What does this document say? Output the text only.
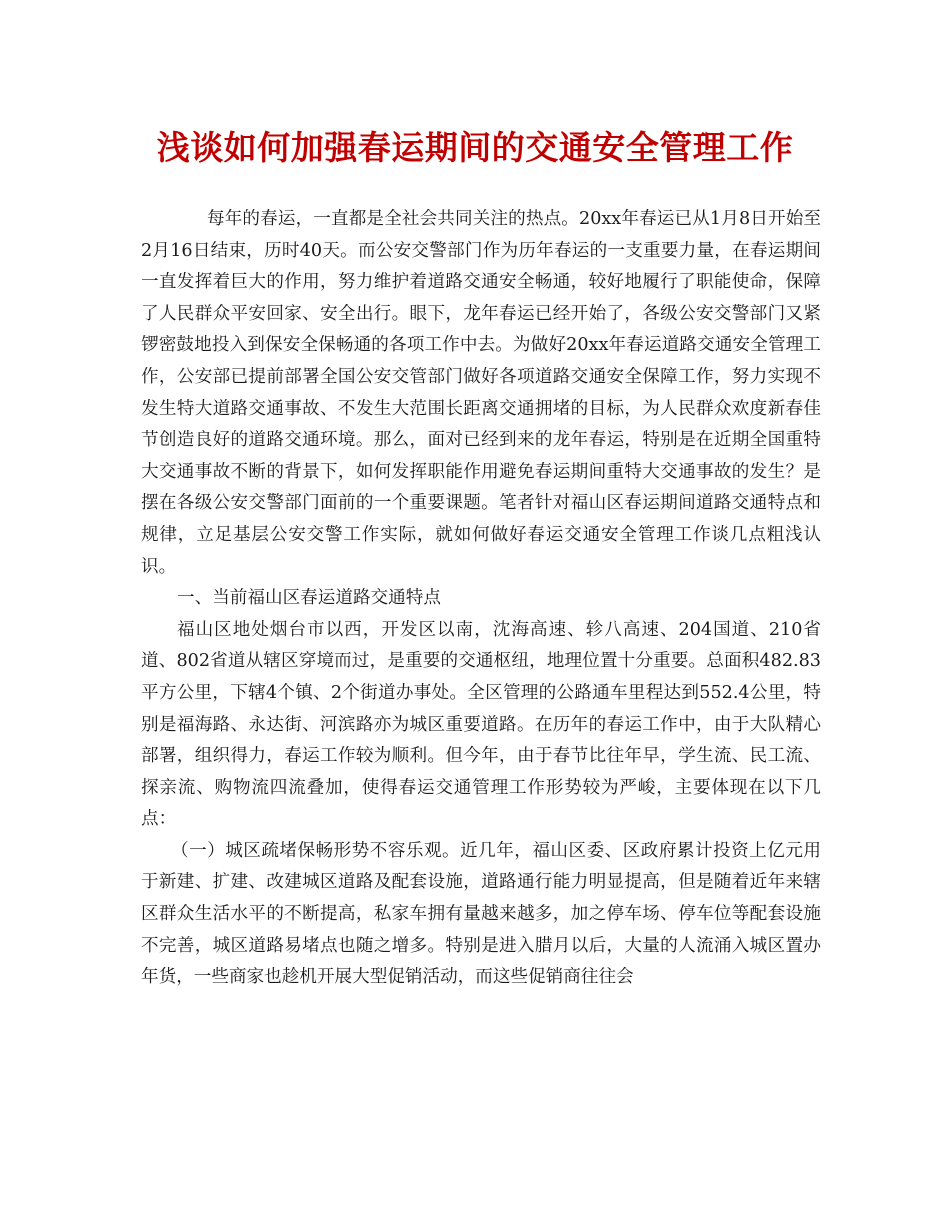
浅谈如何加强春运期间的交通安全管理工作

每年的春运，一直都是全社会共同关注的热点。20xx年春运已从1月8日开始至2月16日结束，历时40天。而公安交警部门作为历年春运的一支重要力量，在春运期间一直发挥着巨大的作用，努力维护着道路交通安全畅通，较好地履行了职能使命，保障了人民群众平安回家、安全出行。眼下，龙年春运已经开始了，各级公安交警部门又紧锣密鼓地投入到保安全保畅通的各项工作中去。为做好20xx年春运道路交通安全管理工作，公安部已提前部署全国公安交管部门做好各项道路交通安全保障工作，努力实现不发生特大道路交通事故、不发生大范围长距离交通拥堵的目标，为人民群众欢度新春佳节创造良好的道路交通环境。那么，面对已经到来的龙年春运，特别是在近期全国重特大交通事故不断的背景下，如何发挥职能作用避免春运期间重特大交通事故的发生？是摆在各级公安交警部门面前的一个重要课题。笔者针对福山区春运期间道路交通特点和规律，立足基层公安交警工作实际，就如何做好春运交通安全管理工作谈几点粗浅认识。

一、当前福山区春运道路交通特点

福山区地处烟台市以西，开发区以南，沈海高速、轸八高速、204国道、210省道、802省道从辖区穿境而过，是重要的交通枢纽，地理位置十分重要。总面积482.83平方公里，下辖4个镇、2个街道办事处。全区管理的公路通车里程达到552.4公里，特别是福海路、永达街、河滨路亦为城区重要道路。在历年的春运工作中，由于大队精心部署，组织得力，春运工作较为顺利。但今年，由于春节比往年早，学生流、民工流、探亲流、购物流四流叠加，使得春运交通管理工作形势较为严峻，主要体现在以下几点：

（一）城区疏堵保畅形势不容乐观。近几年，福山区委、区政府累计投资上亿元用于新建、扩建、改建城区道路及配套设施，道路通行能力明显提高，但是随着近年来辖区群众生活水平的不断提高，私家车拥有量越来越多，加之停车场、停车位等配套设施不完善，城区道路易堵点也随之增多。特别是进入腊月以后，大量的人流涌入城区置办年货，一些商家也趁机开展大型促销活动，而这些促销商往往会
